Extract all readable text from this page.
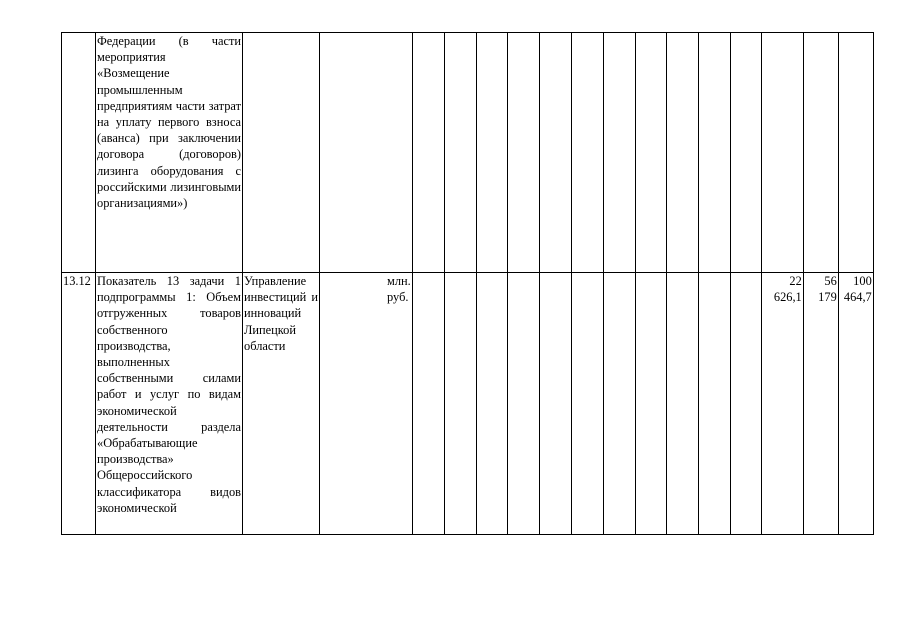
	Федерации (в части мероприятия «Возмещение промышленным предприятиям части затрат на уплату первого взноса (аванса) при заключении договора (договоров) лизинга оборудования с российскими лизинговыми организациями»)																
13.12	Показатель 13 задачи 1 подпрограммы 1: Объем отгруженных товаров собственного производства, выполненных собственными силами работ и услуг по видам экономической деятельности раздела «Обрабатывающие производства» Общероссийского классификатора видов экономической	Управление инвестиций и инноваций Липецкой области	млн. руб.												22 626,1	56 179	100 464,7
